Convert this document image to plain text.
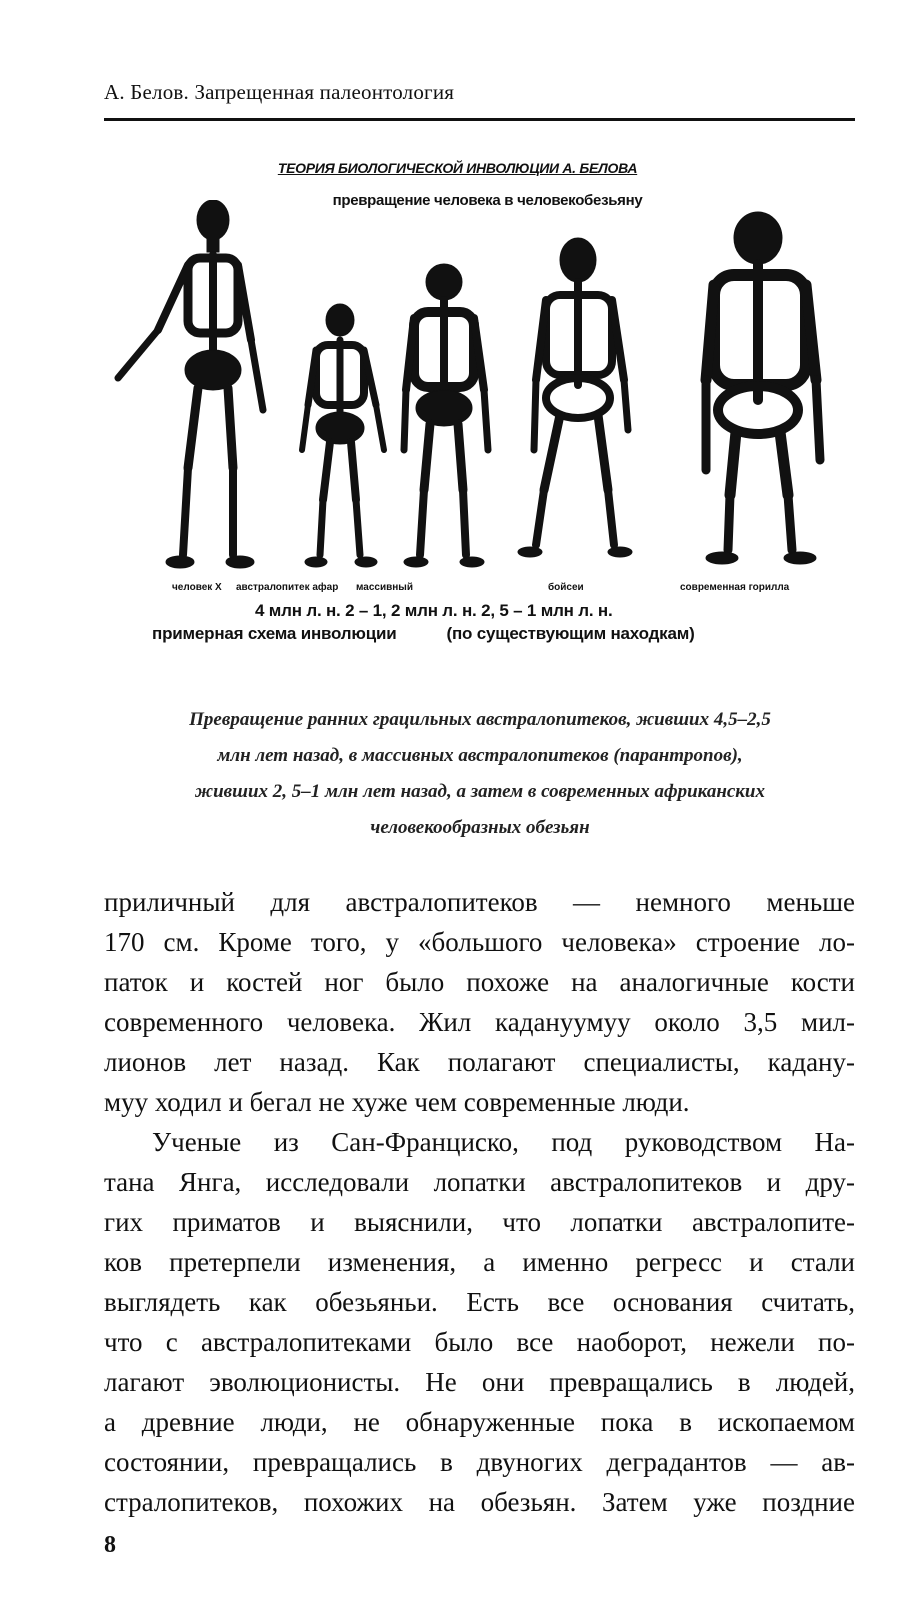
А. Белов. Запрещенная палеонтология
ТЕОРИЯ БИОЛОГИЧЕСКОЙ ИНВОЛЮЦИИ А. БЕЛОВА
превращение человека в человекобезьяну
человек X австралопитек афар массивный	бойсеи	современная горилла
4 млн л. н. 2 – 1, 2 млн л. н. 2, 5 – 1 млн л. н.
примерная схема инволюции	(по существующим находкам)
Превращение ранних грацильных австралопитеков, живших 4,5–2,5
млн лет назад, в массивных австралопитеков (парантропов),
живших 2, 5–1 млн лет назад, а затем в современных африканских
человекообразных обезьян
приличный для австралопитеков — немного меньше
170 см. Кроме того, у «большого человека» строение ло-
паток и костей ног было похоже на аналогичные кости
современного человека. Жил кадануумуу около 3,5 мил-
лионов лет назад. Как полагают специалисты, кадану-
муу ходил и бегал не хуже чем современные люди.
Ученые из Сан-Франциско, под руководством На-
тана Янга, исследовали лопатки австралопитеков и дру-
гих приматов и выяснили, что лопатки австралопите-
ков претерпели изменения, а именно регресс и стали
выглядеть как обезьяньи. Есть все основания считать,
что с австралопитеками было все наоборот, нежели по-
лагают эволюционисты. Не они превращались в людей,
а древние люди, не обнаруженные пока в ископаемом
состоянии, превращались в двуногих деградантов — ав-
стралопитеков, похожих на обезьян. Затем уже поздние
8
